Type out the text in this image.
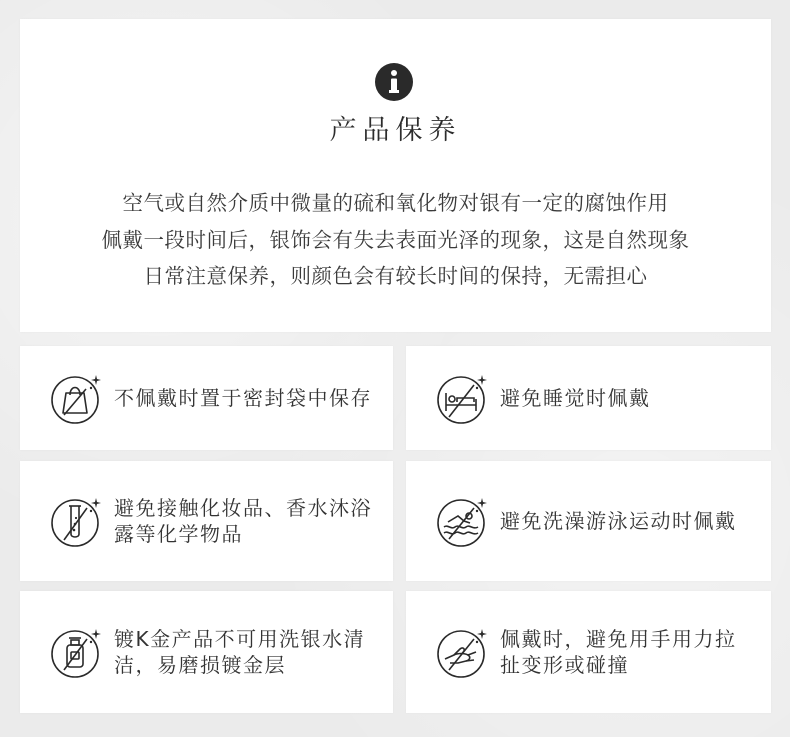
产品保养
空气或自然介质中微量的硫和氧化物对银有一定的腐蚀作用
佩戴一段时间后，银饰会有失去表面光泽的现象，这是自然现象
日常注意保养，则颜色会有较长时间的保持，无需担心
不佩戴时置于密封袋中保存	避免睡觉时佩戴
避免接触化妆品、香水沐浴露等化学物品
避免洗澡游泳运动时佩戴
镀K金产品不可用洗银水清洁，易磨损镀金层
佩戴时，避免用手用力拉扯变形或碰撞
